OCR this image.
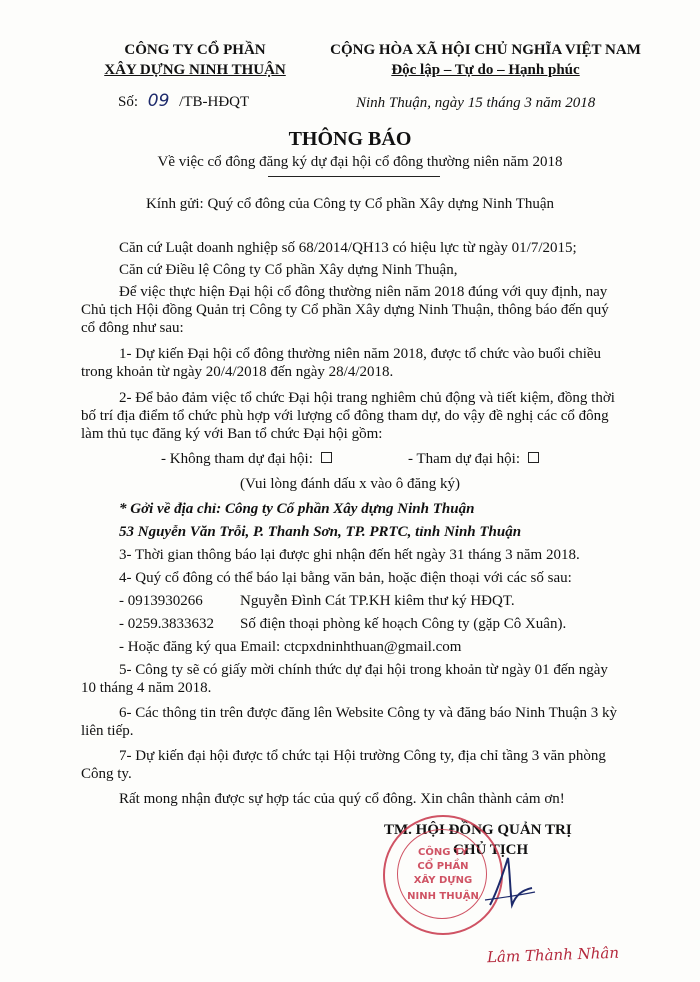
CÔNG TY CỔ PHẦN
XÂY DỰNG NINH THUẬN
Số: 09 /TB-HĐQT
CỘNG HÒA XÃ HỘI CHỦ NGHĨA VIỆT NAM
Độc lập – Tự do – Hạnh phúc
Ninh Thuận, ngày 15 tháng 3 năm 2018
THÔNG BÁO
Về việc cổ đông đăng ký dự đại hội cổ đông thường niên năm 2018
Kính gửi: Quý cổ đông của Công ty Cổ phần Xây dựng Ninh Thuận
Căn cứ Luật doanh nghiệp số 68/2014/QH13 có hiệu lực từ ngày 01/7/2015;
Căn cứ Điều lệ Công ty Cổ phần Xây dựng Ninh Thuận,
Để việc thực hiện Đại hội cổ đông thường niên năm 2018 đúng với quy định, nay
Chủ tịch Hội đồng Quản trị Công ty Cổ phần Xây dựng Ninh Thuận, thông báo đến quý
cổ đông như sau:
1- Dự kiến Đại hội cổ đông thường niên năm 2018, được tổ chức vào buổi chiều
trong khoản từ ngày 20/4/2018 đến ngày 28/4/2018.
2- Để bảo đảm việc tổ chức Đại hội trang nghiêm chủ động và tiết kiệm, đồng thời
bố trí địa điểm tổ chức phù hợp với lượng cổ đông tham dự, do vậy đề nghị các cổ đông
làm thủ tục đăng ký với Ban tổ chức Đại hội gồm:
- Không tham dự đại hội:	- Tham dự đại hội:
(Vui lòng đánh dấu x vào ô đăng ký)
* Gởi về địa chỉ: Công ty Cổ phần Xây dựng Ninh Thuận
53 Nguyễn Văn Trỗi, P. Thanh Sơn, TP. PRTC, tỉnh Ninh Thuận
3- Thời gian thông báo lại được ghi nhận đến hết ngày 31 tháng 3 năm 2018.
4- Quý cổ đông có thể báo lại bằng văn bản, hoặc điện thoại với các số sau:
- 0913930266 Nguyễn Đình Cát TP.KH kiêm thư ký HĐQT.
- 0259.3833632 Số điện thoại phòng kế hoạch Công ty (gặp Cô Xuân).
- Hoặc đăng ký qua Email: ctcpxdninhthuan@gmail.com
5- Công ty sẽ có giấy mời chính thức dự đại hội trong khoản từ ngày 01 đến ngày
10 tháng 4 năm 2018.
6- Các thông tin trên được đăng lên Website Công ty và đăng báo Ninh Thuận 3 kỳ
liên tiếp.
7- Dự kiến đại hội được tổ chức tại Hội trường Công ty, địa chỉ tầng 3 văn phòng
Công ty.
Rất mong nhận được sự hợp tác của quý cổ đông. Xin chân thành cảm ơn!
TM. HỘI ĐỒNG QUẢN TRỊ
CHỦ TỊCH
CÔNG TY
CỔ PHẦN
XÂY DỰNG
NINH THUẬN
Lâm Thành Nhân
